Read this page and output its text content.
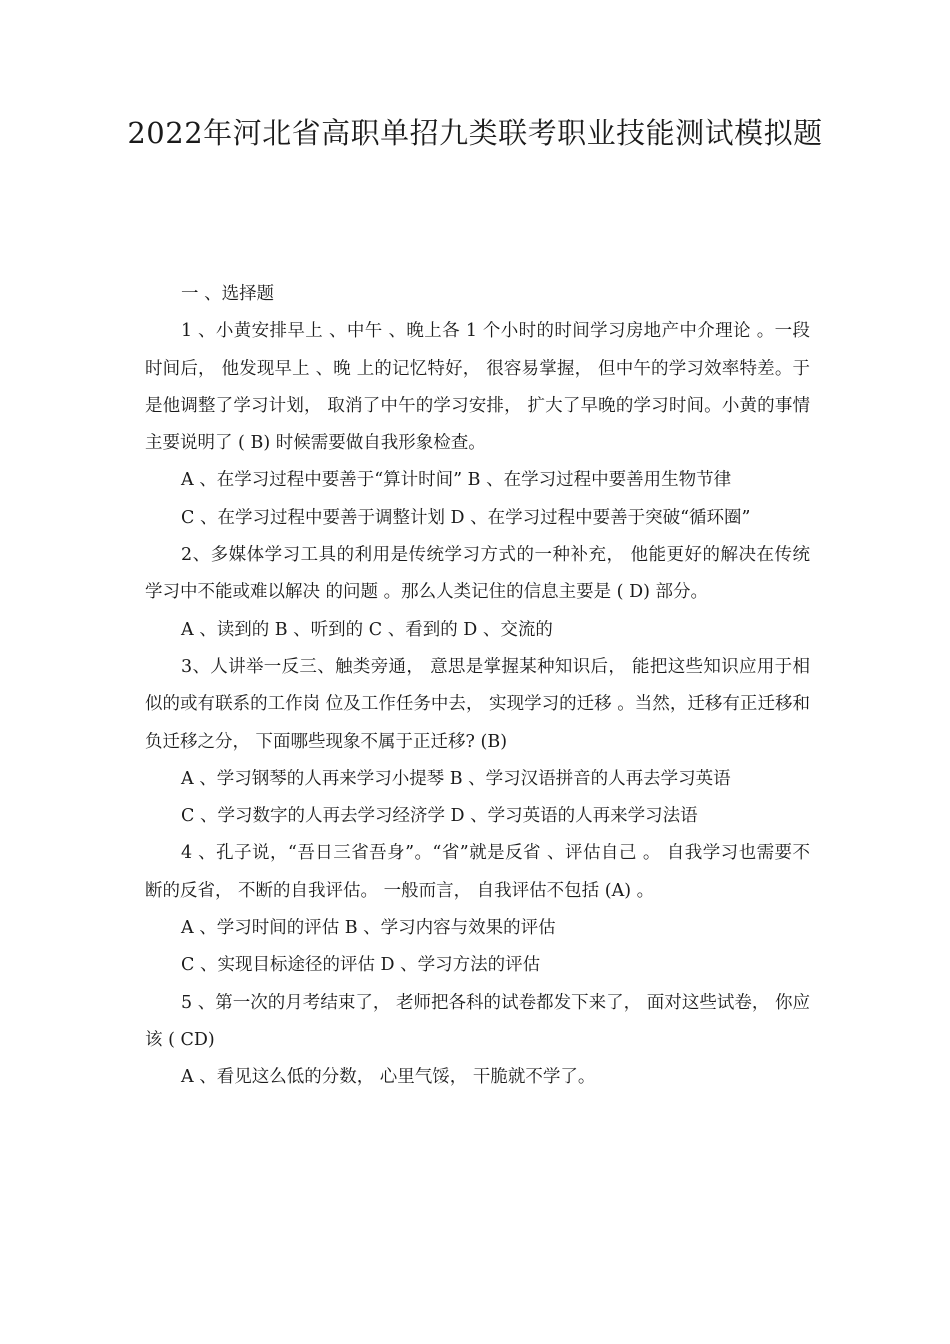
2022年河北省高职单招九类联考职业技能测试模拟题

一 、选择题

1 、小黄安排早上 、中午 、晚上各 1 个小时的时间学习房地产中介理论 。一段时间后， 他发现早上 、晚 上的记忆特好， 很容易掌握， 但中午的学习效率特差。于是他调整了学习计划， 取消了中午的学习安排， 扩大了早晚的学习时间。小黄的事情主要说明了 ( B) 时候需要做自我形象检查。

A 、在学习过程中要善于“算计时间” B 、在学习过程中要善用生物节律

C 、在学习过程中要善于调整计划 D 、在学习过程中要善于突破“循环圈”

2、多媒体学习工具的利用是传统学习方式的一种补充， 他能更好的解决在传统学习中不能或难以解决 的问题 。那么人类记住的信息主要是 ( D) 部分。

A 、读到的 B 、听到的 C 、看到的 D 、交流的

3、人讲举一反三、触类旁通， 意思是掌握某种知识后， 能把这些知识应用于相似的或有联系的工作岗 位及工作任务中去， 实现学习的迁移 。当然，迁移有正迁移和负迁移之分， 下面哪些现象不属于正迁移? (B)

A 、学习钢琴的人再来学习小提琴 B 、学习汉语拼音的人再去学习英语

C 、学习数字的人再去学习经济学 D 、学习英语的人再来学习法语

4 、孔子说，“吾日三省吾身”。“省”就是反省 、评估自己 。 自我学习也需要不断的反省， 不断的自我评估。 一般而言， 自我评估不包括 (A) 。

A 、学习时间的评估 B 、学习内容与效果的评估

C 、实现目标途径的评估 D 、学习方法的评估

5 、第一次的月考结束了， 老师把各科的试卷都发下来了， 面对这些试卷， 你应该 ( CD)

A 、看见这么低的分数， 心里气馁， 干脆就不学了。
